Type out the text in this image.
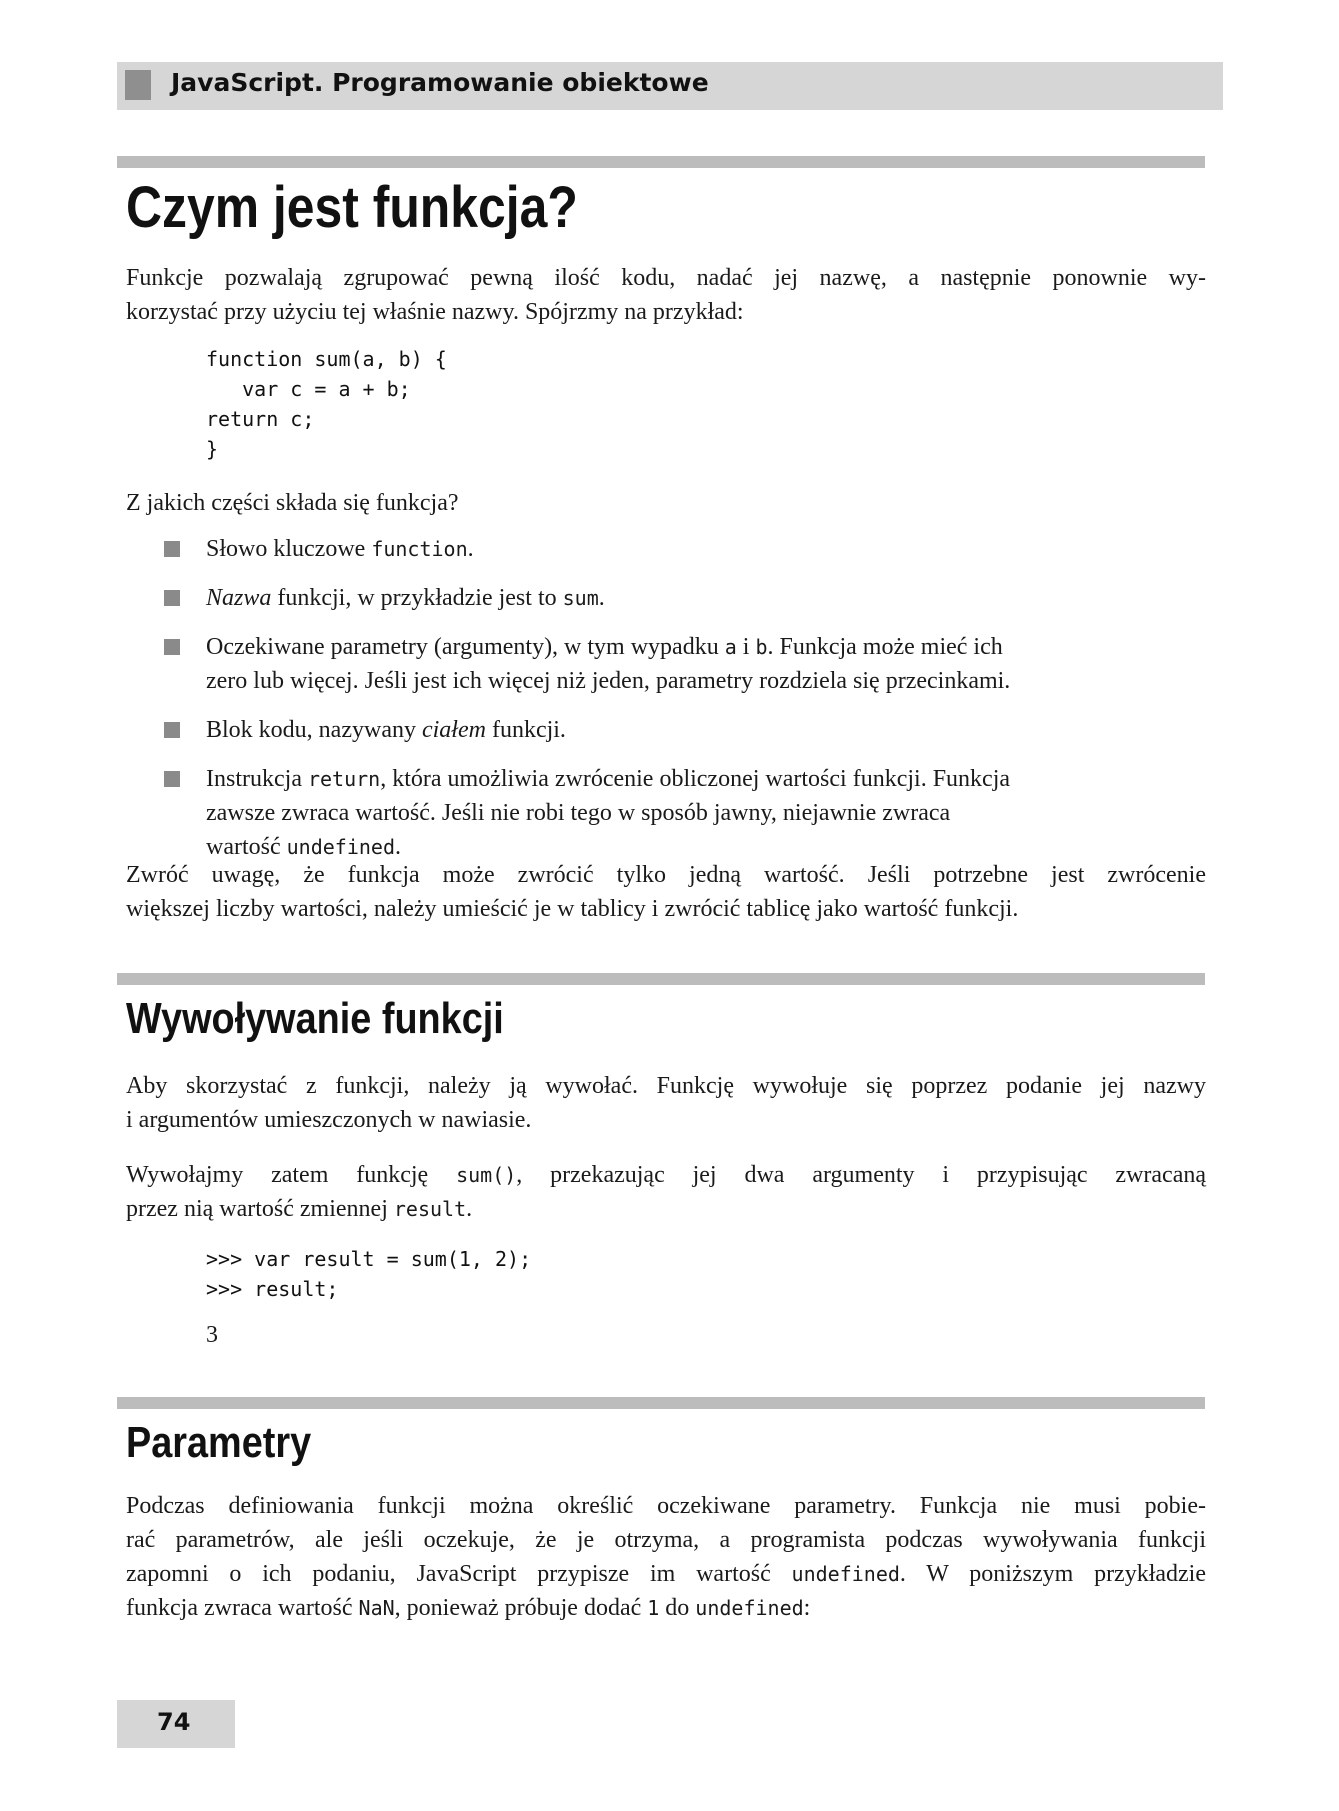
JavaScript. Programowanie obiektowe
Czym jest funkcja?
Funkcje pozwalają zgrupować pewną ilość kodu, nadać jej nazwę, a następnie ponownie wy-
korzystać przy użyciu tej właśnie nazwy. Spójrzmy na przykład:
function sum(a, b) {
var c = a + b;
return c;
}
Z jakich części składa się funkcja?
Słowo kluczowe function.
Nazwa funkcji, w przykładzie jest to sum.
Oczekiwane parametry (argumenty), w tym wypadku a i b. Funkcja może mieć ich
zero lub więcej. Jeśli jest ich więcej niż jeden, parametry rozdziela się przecinkami.
Blok kodu, nazywany ciałem funkcji.
Instrukcja return, która umożliwia zwrócenie obliczonej wartości funkcji. Funkcja
zawsze zwraca wartość. Jeśli nie robi tego w sposób jawny, niejawnie zwraca
wartość undefined.
Zwróć uwagę, że funkcja może zwrócić tylko jedną wartość. Jeśli potrzebne jest zwrócenie
większej liczby wartości, należy umieścić je w tablicy i zwrócić tablicę jako wartość funkcji.
Wywoływanie funkcji
Aby skorzystać z funkcji, należy ją wywołać. Funkcję wywołuje się poprzez podanie jej nazwy
i argumentów umieszczonych w nawiasie.
Wywołajmy zatem funkcję sum(), przekazując jej dwa argumenty i przypisując zwracaną
przez nią wartość zmiennej result.
>>> var result = sum(1, 2);
>>> result;
3
Parametry
Podczas definiowania funkcji można określić oczekiwane parametry. Funkcja nie musi pobie-
rać parametrów, ale jeśli oczekuje, że je otrzyma, a programista podczas wywoływania funkcji
zapomni o ich podaniu, JavaScript przypisze im wartość undefined. W poniższym przykładzie
funkcja zwraca wartość NaN, ponieważ próbuje dodać 1 do undefined:
74
